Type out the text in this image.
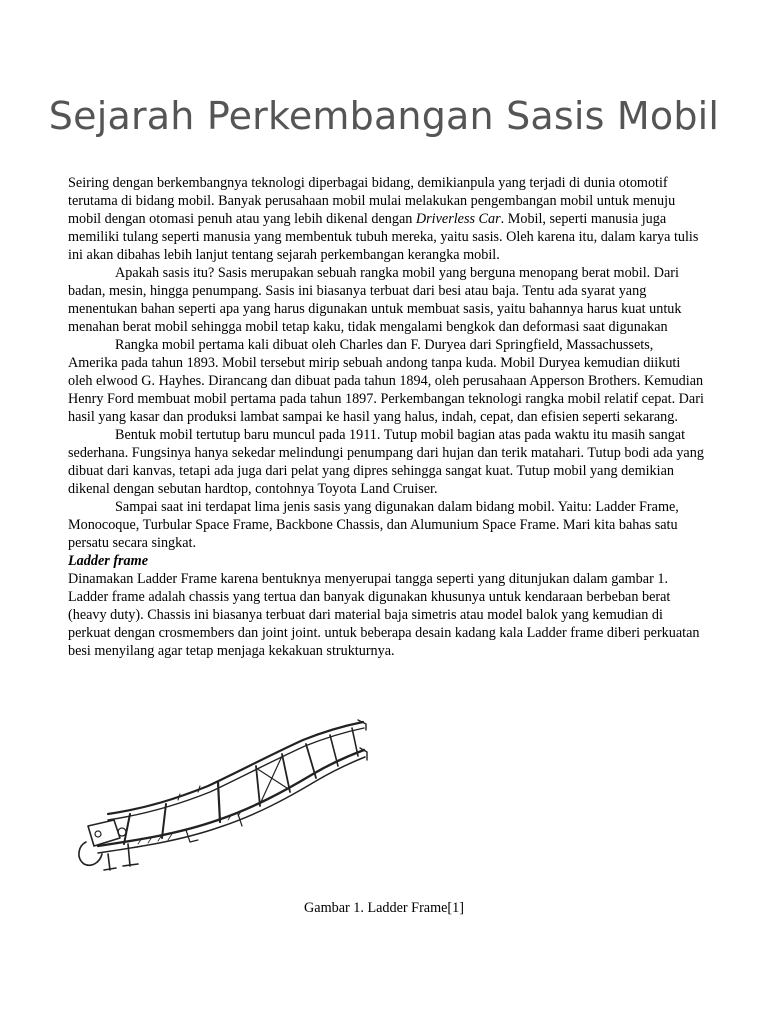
Sejarah Perkembangan Sasis Mobil

Seiring dengan berkembangnya teknologi diperbagai bidang, demikianpula yang terjadi di dunia otomotif terutama di bidang mobil. Banyak perusahaan mobil mulai melakukan pengembangan mobil untuk menuju mobil dengan otomasi penuh atau yang lebih dikenal dengan Driverless Car. Mobil, seperti manusia juga memiliki tulang seperti manusia yang membentuk tubuh mereka, yaitu sasis. Oleh karena itu, dalam karya tulis ini akan dibahas lebih lanjut tentang sejarah perkembangan kerangka mobil.

Apakah sasis itu? Sasis merupakan sebuah rangka mobil yang berguna menopang berat mobil. Dari badan, mesin, hingga penumpang. Sasis ini biasanya terbuat dari besi atau baja. Tentu ada syarat yang menentukan bahan seperti apa yang harus digunakan untuk membuat sasis, yaitu bahannya harus kuat untuk menahan berat mobil sehingga mobil tetap kaku, tidak mengalami bengkok dan deformasi saat digunakan

Rangka mobil pertama kali dibuat oleh Charles dan F. Duryea dari Springfield, Massachussets, Amerika pada tahun 1893. Mobil tersebut mirip sebuah andong tanpa kuda. Mobil Duryea kemudian diikuti oleh elwood G. Hayhes. Dirancang dan dibuat pada tahun 1894, oleh perusahaan Apperson Brothers. Kemudian Henry Ford membuat mobil pertama pada tahun 1897. Perkembangan teknologi rangka mobil relatif cepat. Dari hasil yang kasar dan produksi lambat sampai ke hasil yang halus, indah, cepat, dan efisien seperti sekarang.

Bentuk mobil tertutup baru muncul pada 1911. Tutup mobil bagian atas pada waktu itu masih sangat sederhana. Fungsinya hanya sekedar melindungi penumpang dari hujan dan terik matahari. Tutup bodi ada yang dibuat dari kanvas, tetapi ada juga dari pelat yang dipres sehingga sangat kuat. Tutup mobil yang demikian dikenal dengan sebutan hardtop, contohnya Toyota Land Cruiser.

Sampai saat ini terdapat lima jenis sasis yang digunakan dalam bidang mobil. Yaitu: Ladder Frame, Monocoque, Turbular Space Frame, Backbone Chassis, dan Alumunium Space Frame. Mari kita bahas satu persatu secara singkat.

Ladder frame

Dinamakan Ladder Frame karena bentuknya menyerupai tangga seperti yang ditunjukan dalam gambar 1. Ladder frame adalah chassis yang tertua dan banyak digunakan khusunya untuk kendaraan berbeban berat (heavy duty). Chassis ini biasanya terbuat dari material baja simetris atau model balok yang kemudian di perkuat dengan crosmembers dan joint joint. untuk beberapa desain kadang kala Ladder frame diberi perkuatan besi menyilang agar tetap menjaga kekakuan strukturnya.

Gambar 1. Ladder Frame[1]
